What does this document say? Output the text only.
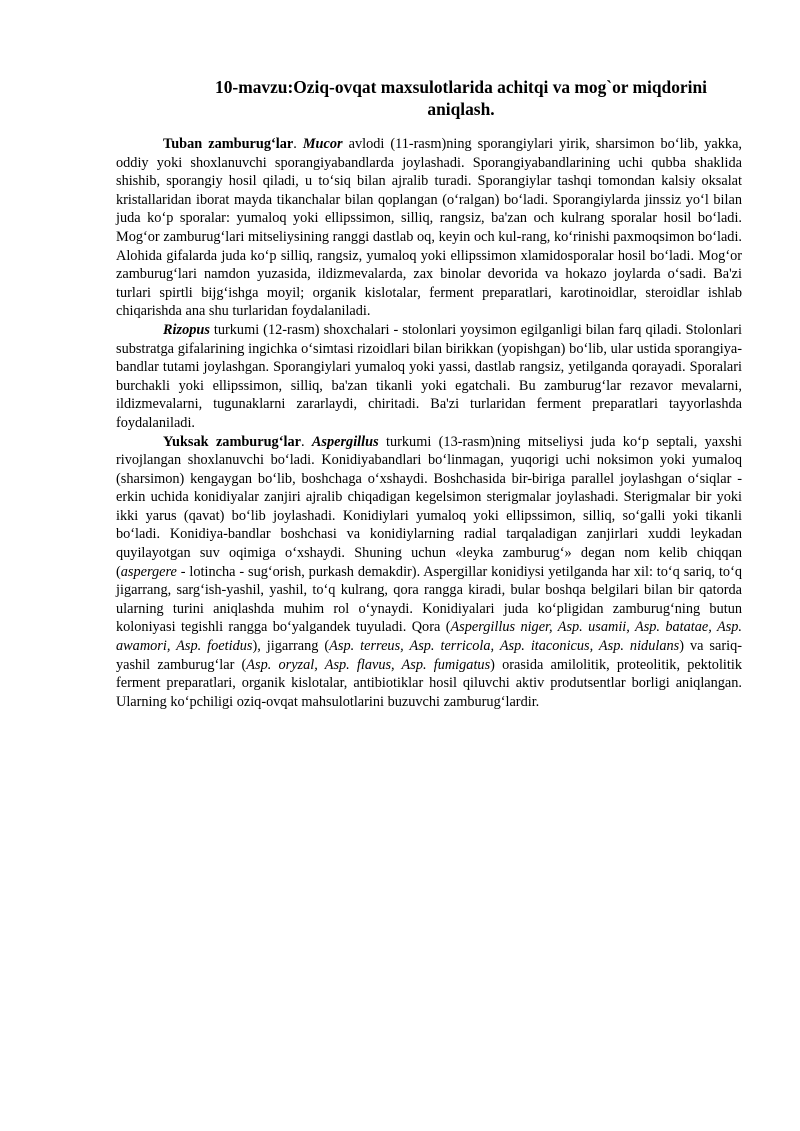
10-mavzu:Oziq-ovqat maxsulotlarida achitqi va mog`or miqdorini
aniqlash.

Tuban zamburug‘lar. Mucor avlodi (11-rasm)ning sporangiylari yirik, sharsimon bo‘lib, yakka, oddiy yoki shoxlanuvchi sporangiyabandlarda joylashadi. Sporangiyabandlarining uchi qubba shaklida shishib, sporangiy hosil qiladi, u to‘siq bilan ajralib turadi. Sporangiylar tashqi tomondan kalsiy oksalat kristallaridan iborat mayda tikanchalar bilan qoplangan (o‘ralgan) bo‘ladi. Sporangiylarda jinssiz yo‘l bilan juda ko‘p sporalar: yumaloq yoki ellipssimon, silliq, rangsiz, ba'zan och kulrang sporalar hosil bo‘ladi. Mog‘or zamburug‘lari mitseliysining ranggi dastlab oq, keyin och kul-rang, ko‘rinishi paxmoqsimon bo‘ladi. Alohida gifalarda juda ko‘p silliq, rangsiz, yumaloq yoki ellipssimon xlamidosporalar hosil bo‘ladi. Mog‘or zamburug‘lari namdon yuzasida, ildizmevalarda, zax binolar devorida va hokazo joylarda o‘sadi. Ba'zi turlari spirtli bijg‘ishga moyil; organik kislotalar, ferment preparatlari, karotinoidlar, steroidlar ishlab chiqarishda ana shu turlaridan foydalaniladi.

Rizopus turkumi (12-rasm) shoxchalari - stolonlari yoysimon egilganligi bilan farq qiladi. Stolonlari substratga gifalarining ingichka o‘simtasi rizoidlari bilan birikkan (yopishgan) bo‘lib, ular ustida sporangiya-bandlar tutami joylashgan. Sporangiylari yumaloq yoki yassi, dastlab rangsiz, yetilganda qorayadi. Sporalari burchakli yoki ellipssimon, silliq, ba'zan tikanli yoki egatchali. Bu zamburug‘lar rezavor mevalarni, ildizmevalarni, tugunaklarni zararlaydi, chiritadi. Ba'zi turlaridan ferment preparatlari tayyorlashda foydalaniladi.

Yuksak zamburug‘lar. Aspergillus turkumi (13-rasm)ning mitseliysi juda ko‘p septali, yaxshi rivojlangan shoxlanuvchi bo‘ladi. Konidiyabandlari bo‘linmagan, yuqorigi uchi noksimon yoki yumaloq (sharsimon) kengaygan bo‘lib, boshchaga o‘xshaydi. Boshchasida bir-biriga parallel joylashgan o‘siqlar - erkin uchida konidiyalar zanjiri ajralib chiqadigan kegelsimon sterigmalar joylashadi. Sterigmalar bir yoki ikki yarus (qavat) bo‘lib joylashadi. Konidiylari yumaloq yoki ellipssimon, silliq, so‘galli yoki tikanli bo‘ladi. Konidiya-bandlar boshchasi va konidiylarning radial tarqaladigan zanjirlari xuddi leykadan quyilayotgan suv oqimiga o‘xshaydi. Shuning uchun «leyka zamburug‘» degan nom kelib chiqqan (aspergere - lotincha - sug‘orish, purkash demakdir). Aspergillar konidiysi yetilganda har xil: to‘q sariq, to‘q jigarrang, sarg‘ish-yashil, yashil, to‘q kulrang, qora rangga kiradi, bular boshqa belgilari bilan bir qatorda ularning turini aniqlashda muhim rol o‘ynaydi. Konidiyalari juda ko‘pligidan zamburug‘ning butun koloniyasi tegishli rangga bo‘yalgandek tuyuladi. Qora (Aspergillus niger, Asp. usamii, Asp. batatae, Asp. awamori, Asp. foetidus), jigarrang (Asp. terreus, Asp. terricola, Asp. itaconicus, Asp. nidulans) va sariq-yashil zamburug‘lar (Asp. oryzal, Asp. flavus, Asp. fumigatus) orasida amilolitik, proteolitik, pektolitik ferment preparatlari, organik kislotalar, antibiotiklar hosil qiluvchi aktiv produtsentlar borligi aniqlangan. Ularning ko‘pchiligi oziq-ovqat mahsulotlarini buzuvchi zamburug‘lardir.
